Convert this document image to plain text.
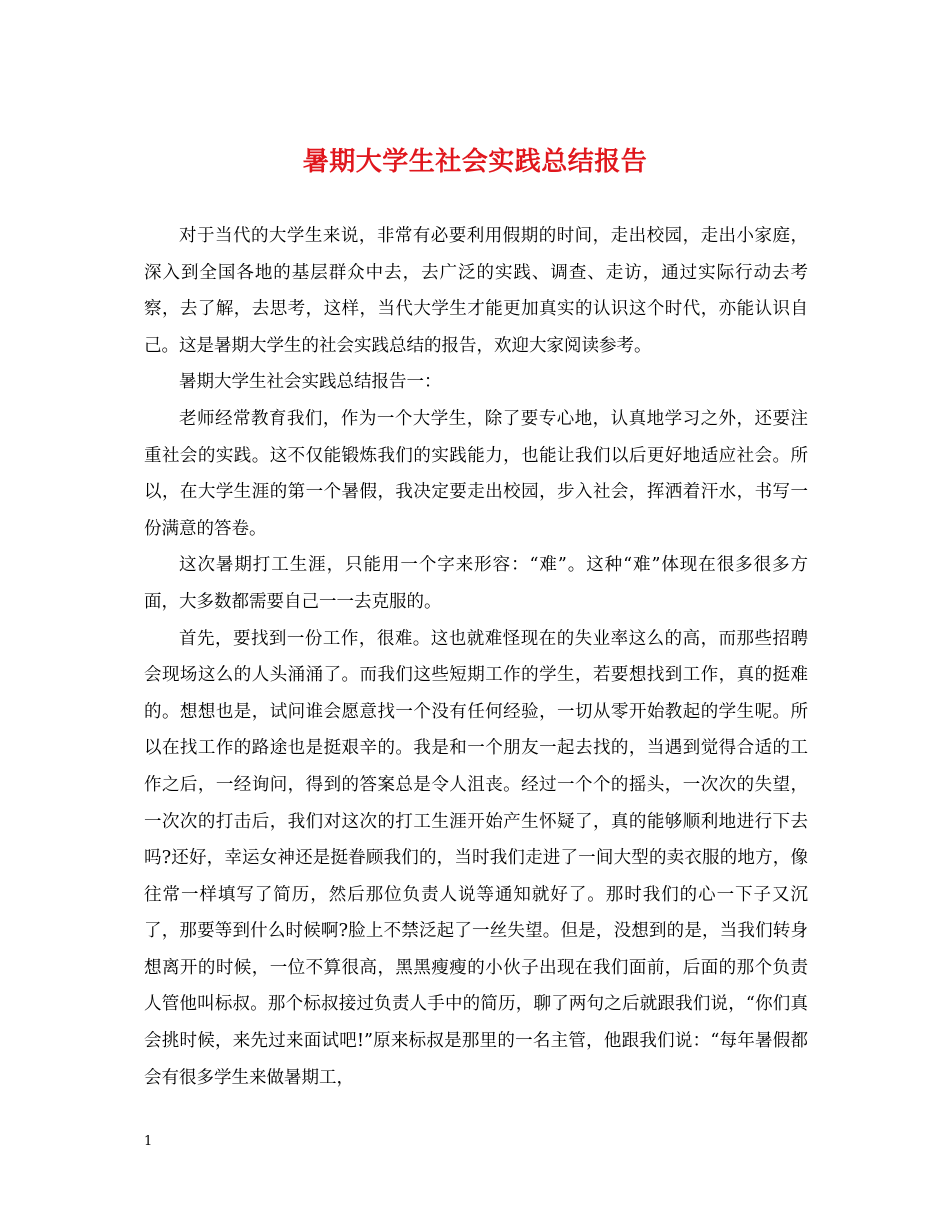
暑期大学生社会实践总结报告

对于当代的大学生来说，非常有必要利用假期的时间，走出校园，走出小家庭，深入到全国各地的基层群众中去，去广泛的实践、调查、走访，通过实际行动去考察，去了解，去思考，这样，当代大学生才能更加真实的认识这个时代，亦能认识自己。这是暑期大学生的社会实践总结的报告，欢迎大家阅读参考。

暑期大学生社会实践总结报告一：

老师经常教育我们，作为一个大学生，除了要专心地，认真地学习之外，还要注重社会的实践。这不仅能锻炼我们的实践能力，也能让我们以后更好地适应社会。所以，在大学生涯的第一个暑假，我决定要走出校园，步入社会，挥洒着汗水，书写一份满意的答卷。

这次暑期打工生涯，只能用一个字来形容：“难”。这种“难”体现在很多很多方面，大多数都需要自己一一去克服的。

首先，要找到一份工作，很难。这也就难怪现在的失业率这么的高，而那些招聘会现场这么的人头涌涌了。而我们这些短期工作的学生，若要想找到工作，真的挺难的。想想也是，试问谁会愿意找一个没有任何经验，一切从零开始教起的学生呢。所以在找工作的路途也是挺艰辛的。我是和一个朋友一起去找的，当遇到觉得合适的工作之后，一经询问，得到的答案总是令人沮丧。经过一个个的摇头，一次次的失望，一次次的打击后，我们对这次的打工生涯开始产生怀疑了，真的能够顺利地进行下去吗?还好，幸运女神还是挺眷顾我们的，当时我们走进了一间大型的卖衣服的地方，像往常一样填写了简历，然后那位负责人说等通知就好了。那时我们的心一下子又沉了，那要等到什么时候啊?脸上不禁泛起了一丝失望。但是，没想到的是，当我们转身想离开的时候，一位不算很高，黑黑瘦瘦的小伙子出现在我们面前，后面的那个负责人管他叫标叔。那个标叔接过负责人手中的简历，聊了两句之后就跟我们说，“你们真会挑时候，来先过来面试吧!”原来标叔是那里的一名主管，他跟我们说：“每年暑假都会有很多学生来做暑期工，

1
